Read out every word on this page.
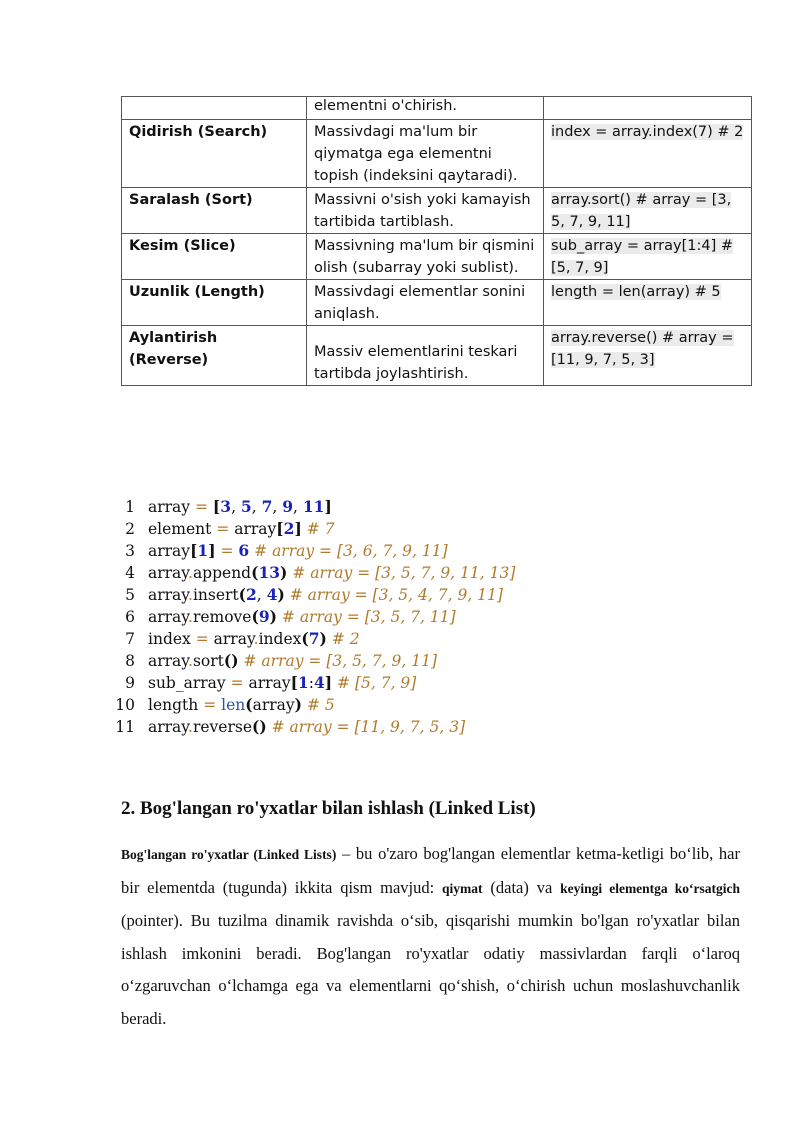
	elementni o'chirish.	
Qidirish (Search)	Massivdagi ma'lum bir qiymatga ega elementni topish (indeksini qaytaradi).	index = array.index(7) # 2
Saralash (Sort)	Massivni o'sish yoki kamayish tartibida tartiblash.	array.sort() # array = [3, 5, 7, 9, 11]
Kesim (Slice)	Massivning ma'lum bir qismini olish (subarray yoki sublist).	sub_array = array[1:4] # [5, 7, 9]
Uzunlik (Length)	Massivdagi elementlar sonini aniqlash.	length = len(array) # 5
Aylantirish (Reverse)	Massiv elementlarini teskari tartibda joylashtirish.	array.reverse() # array = [11, 9, 7, 5, 3]
1 array = [3, 5, 7, 9, 11]
2 element = array[2] # 7
3 array[1] = 6 # array = [3, 6, 7, 9, 11]
4 array.append(13) # array = [3, 5, 7, 9, 11, 13]
5 array.insert(2, 4) # array = [3, 5, 4, 7, 9, 11]
6 array.remove(9) # array = [3, 5, 7, 11]
7 index = array.index(7) # 2
8 array.sort() # array = [3, 5, 7, 9, 11]
9 sub_array = array[1:4] # [5, 7, 9]
10 length = len(array) # 5
11 array.reverse() # array = [11, 9, 7, 5, 3]
2. Bog'langan ro'yxatlar bilan ishlash (Linked List)

Bog'langan ro'yxatlar (Linked Lists) – bu o'zaro bog'langan elementlar ketma-ketligi bo‘lib, har bir elementda (tugunda) ikkita qism mavjud: qiymat (data) va keyingi elementga ko‘rsatgich (pointer). Bu tuzilma dinamik ravishda o‘sib, qisqarishi mumkin bo'lgan ro'yxatlar bilan ishlash imkonini beradi. Bog'langan ro'yxatlar odatiy massivlardan farqli o‘laroq o‘zgaruvchan o‘lchamga ega va elementlarni qo‘shish, o‘chirish uchun moslashuvchanlik beradi.
